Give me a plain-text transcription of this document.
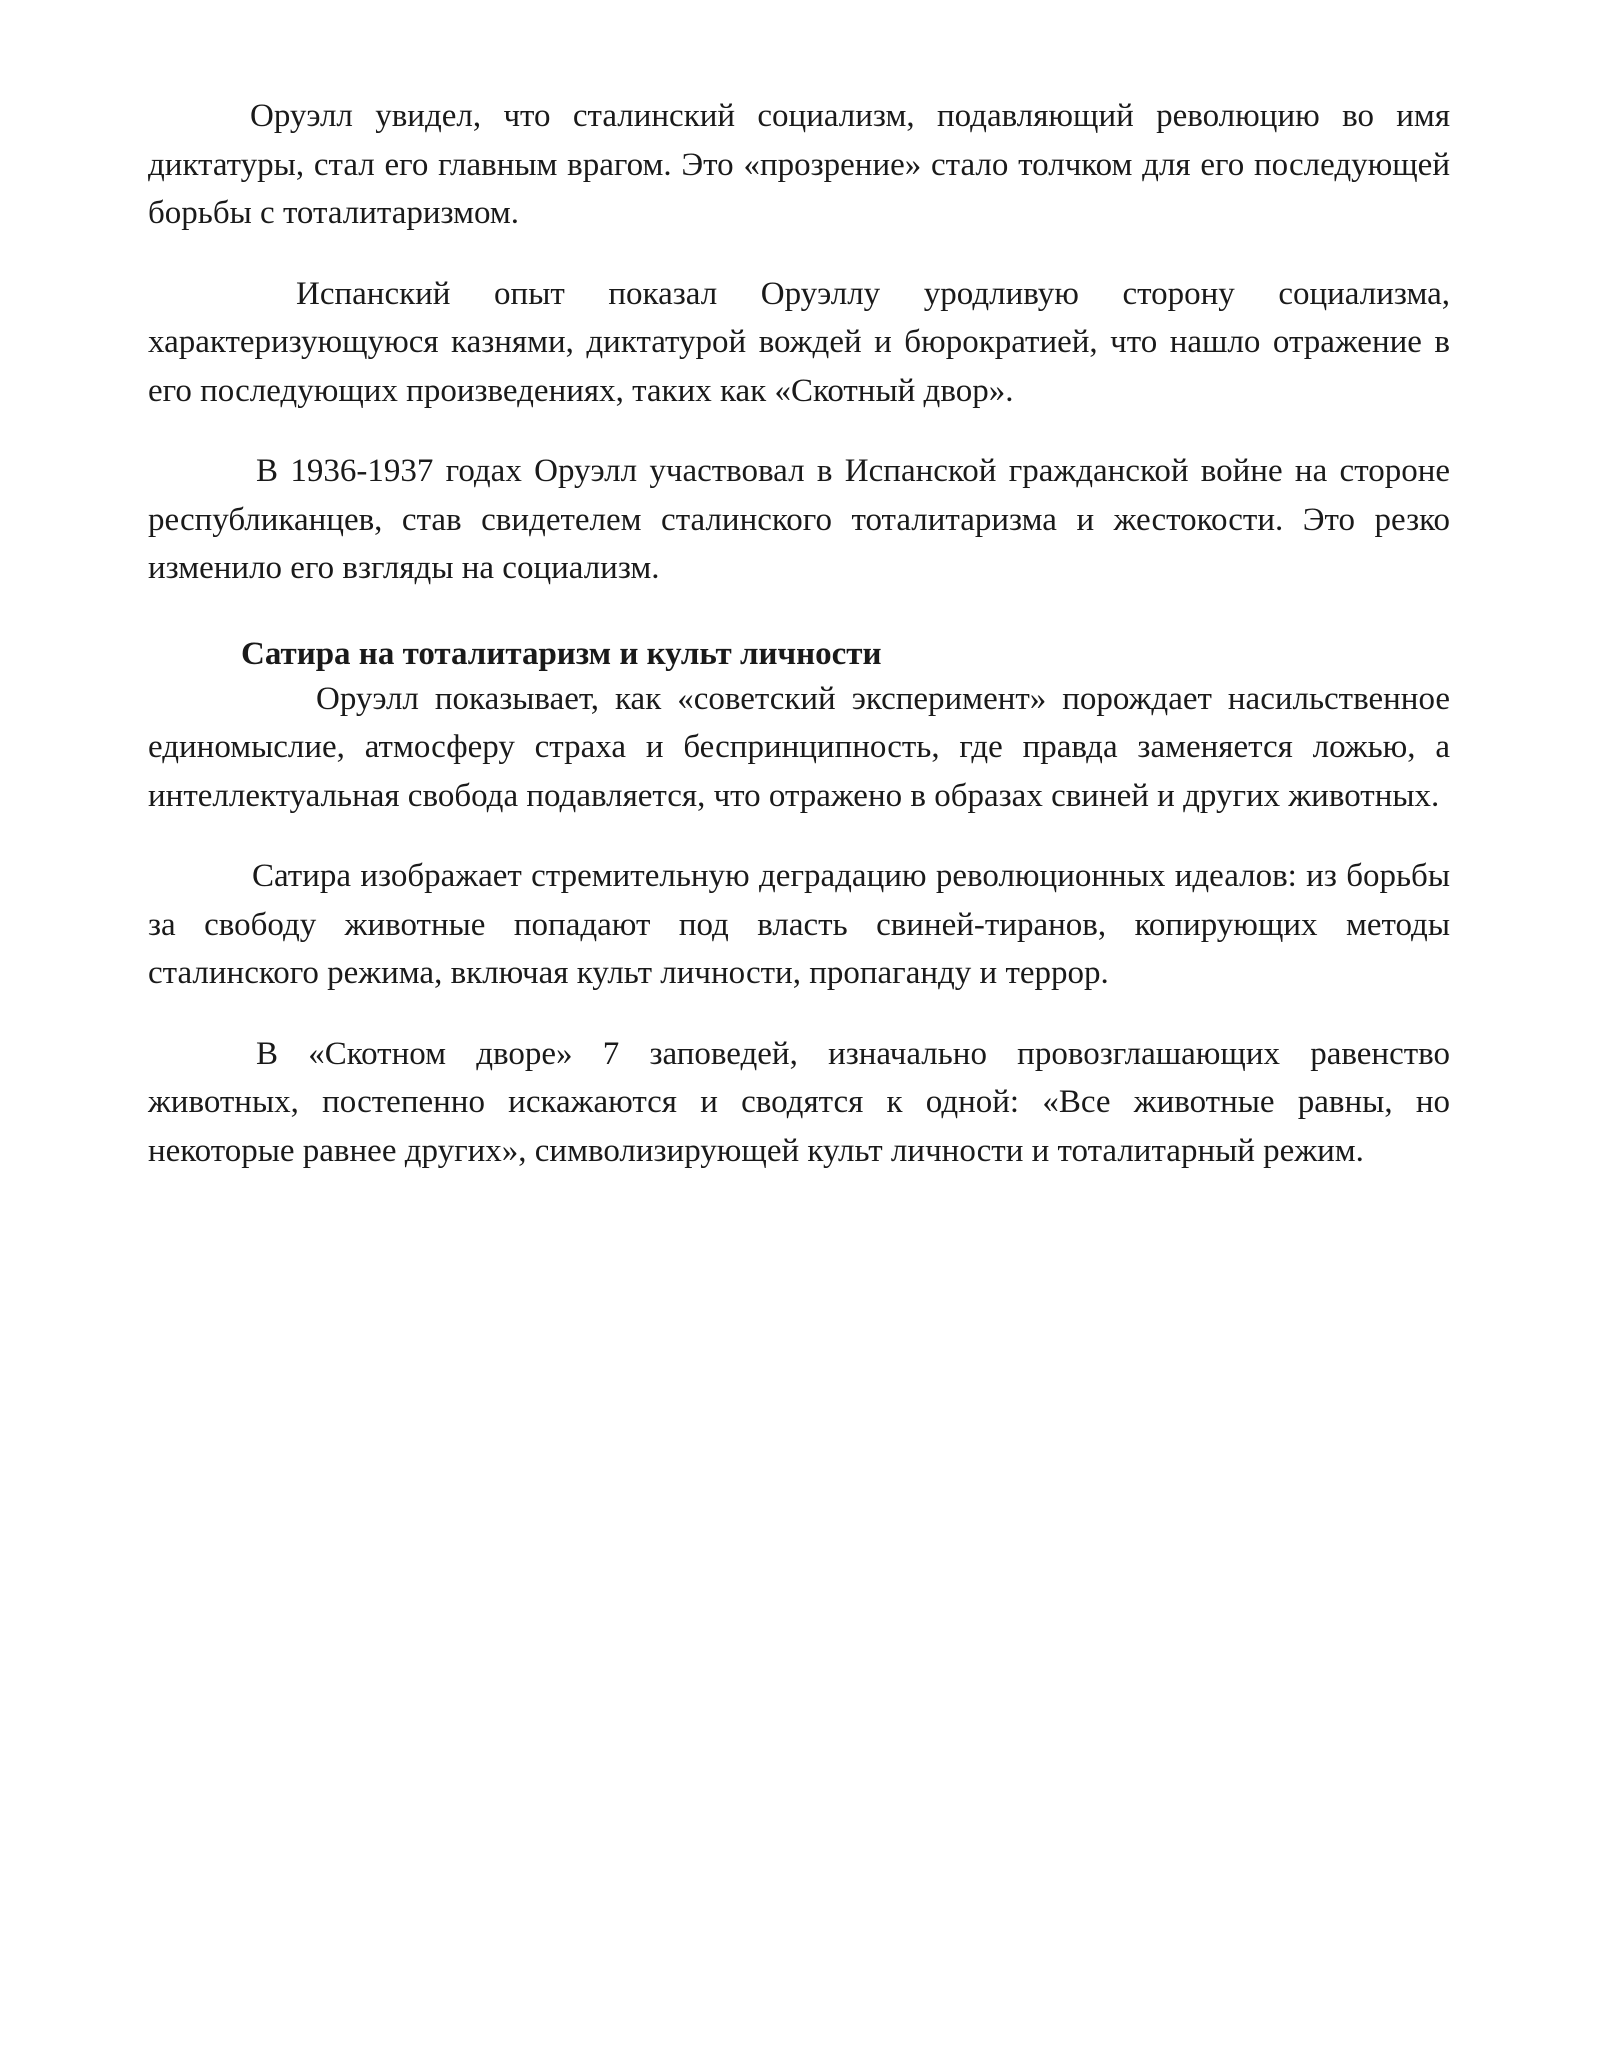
Оруэлл увидел, что сталинский социализм, подавляющий революцию во имя диктатуры, стал его главным врагом. Это «прозрение» стало толчком для его последующей борьбы с тоталитаризмом.

Испанский опыт показал Оруэллу уродливую сторону социализма, характеризующуюся казнями, диктатурой вождей и бюрократией, что нашло отражение в его последующих произведениях, таких как «Скотный двор».

В 1936-1937 годах Оруэлл участвовал в Испанской гражданской войне на стороне республиканцев, став свидетелем сталинского тоталитаризма и жестокости. Это резко изменило его взгляды на социализм.

Сатира на тоталитаризм и культ личности

Оруэлл показывает, как «советский эксперимент» порождает насильственное единомыслие, атмосферу страха и беспринципность, где правда заменяется ложью, а интеллектуальная свобода подавляется, что отражено в образах свиней и других животных.

Сатира изображает стремительную деградацию революционных идеалов: из борьбы за свободу животные попадают под власть свиней-тиранов, копирующих методы сталинского режима, включая культ личности, пропаганду и террор.

В «Скотном дворе» 7 заповедей, изначально провозглашающих равенство животных, постепенно искажаются и сводятся к одной: «Все животные равны, но некоторые равнее других», символизирующей культ личности и тоталитарный режим.
